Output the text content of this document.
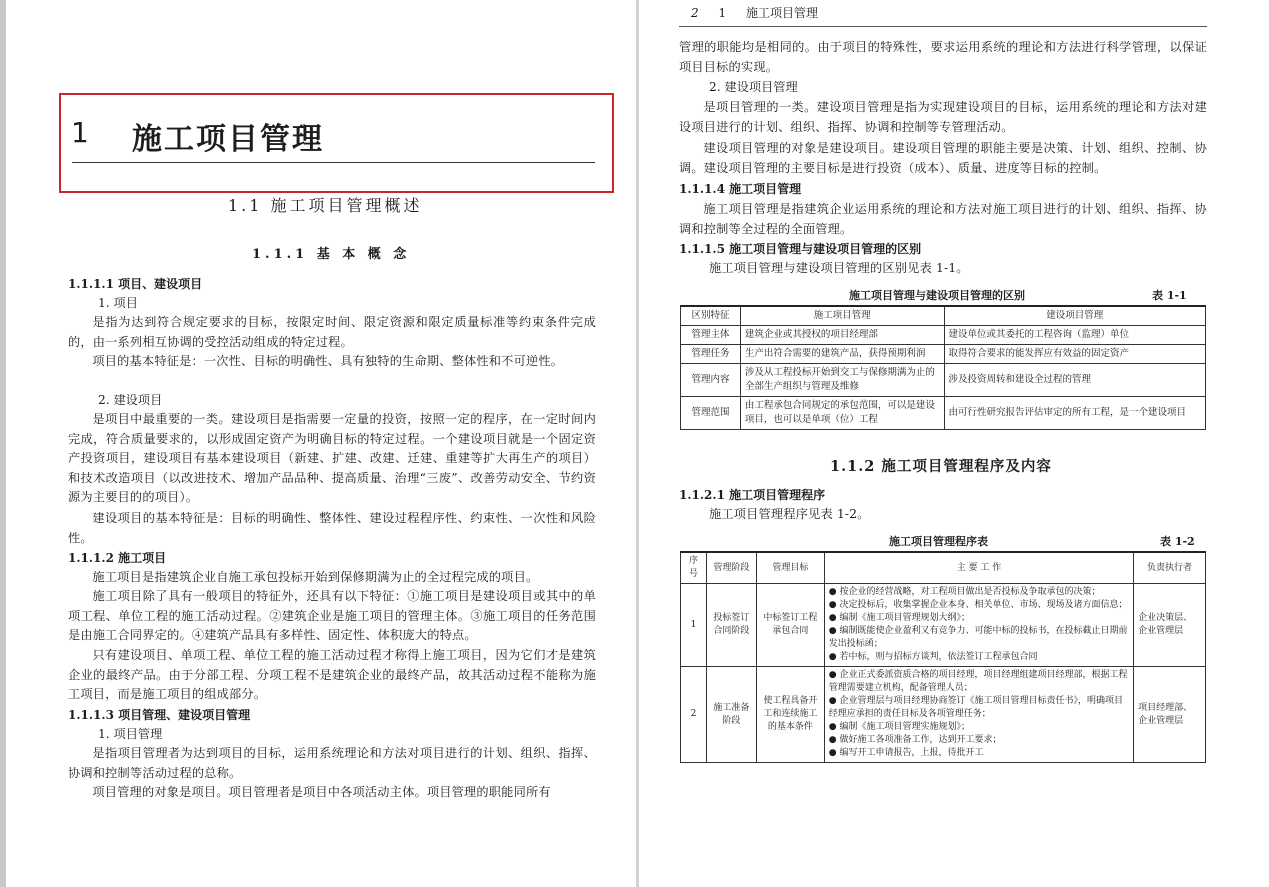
1 施工项目管理
1.1 施工项目管理概述
1.1.1 基 本 概 念
1.1.1.1 项目、建设项目
1. 项目

是指为达到符合规定要求的目标，按限定时间、限定资源和限定质量标准等约束条件完成的，由一系列相互协调的受控活动组成的特定过程。

项目的基本特征是：一次性、目标的明确性、具有独特的生命期、整体性和不可逆性。

2. 建设项目

是项目中最重要的一类。建设项目是指需要一定量的投资，按照一定的程序，在一定时间内完成，符合质量要求的，以形成固定资产为明确目标的特定过程。一个建设项目就是一个固定资产投资项目，建设项目有基本建设项目（新建、扩建、改建、迁建、重建等扩大再生产的项目）和技术改造项目（以改进技术、增加产品品种、提高质量、治理“三废”、改善劳动安全、节约资源为主要目的的项目）。

建设项目的基本特征是：目标的明确性、整体性、建设过程程序性、约束性、一次性和风险性。

1.1.1.2 施工项目

施工项目是指建筑企业自施工承包投标开始到保修期满为止的全过程完成的项目。

施工项目除了具有一般项目的特征外，还具有以下特征：①施工项目是建设项目或其中的单项工程、单位工程的施工活动过程。②建筑企业是施工项目的管理主体。③施工项目的任务范围是由施工合同界定的。④建筑产品具有多样性、固定性、体积庞大的特点。

只有建设项目、单项工程、单位工程的施工活动过程才称得上施工项目，因为它们才是建筑企业的最终产品。由于分部工程、分项工程不是建筑企业的最终产品，故其活动过程不能称为施工项目，而是施工项目的组成部分。

1.1.1.3 项目管理、建设项目管理
1. 项目管理

是指项目管理者为达到项目的目标，运用系统理论和方法对项目进行的计划、组织、指挥、协调和控制等活动过程的总称。

项目管理的对象是项目。项目管理者是项目中各项活动主体。项目管理的职能同所有

2 1 施工项目管理

管理的职能均是相同的。由于项目的特殊性，要求运用系统的理论和方法进行科学管理，以保证项目目标的实现。

2. 建设项目管理

是项目管理的一类。建设项目管理是指为实现建设项目的目标，运用系统的理论和方法对建设项目进行的计划、组织、指挥、协调和控制等专管理活动。

建设项目管理的对象是建设项目。建设项目管理的职能主要是决策、计划、组织、控制、协调。建设项目管理的主要目标是进行投资（成本）、质量、进度等目标的控制。

1.1.1.4 施工项目管理

施工项目管理是指建筑企业运用系统的理论和方法对施工项目进行的计划、组织、指挥、协调和控制等全过程的全面管理。

1.1.1.5 施工项目管理与建设项目管理的区别
施工项目管理与建设项目管理的区别见表 1-1。
施工项目管理与建设项目管理的区别	表 1-1
区别特征	施工项目管理	建设项目管理
管理主体	建筑企业或其授权的项目经理部	建设单位或其委托的工程咨询（监理）单位
管理任务	生产出符合需要的建筑产品，获得预期利润	取得符合要求的能发挥应有效益的固定资产
管理内容	涉及从工程投标开始到交工与保修期满为止的全部生产组织与管理及维修	涉及投资周转和建设全过程的管理
管理范围	由工程承包合同规定的承包范围，可以是建设项目，也可以是单项（位）工程	由可行性研究报告评估审定的所有工程，是一个建设项目
1.1.2 施工项目管理程序及内容
1.1.2.1 施工项目管理程序
施工项目管理程序见表 1-2。
施工项目管理程序表	表 1-2
序号	管理阶段	管理目标	主 要 工 作	负责执行者
1	投标签订合同阶段	中标签订工程承包合同	● 按企业的经营战略，对工程项目做出是否投标及争取承包的决策；
● 决定投标后，收集掌握企业本身、相关单位、市场、现场及诸方面信息；
● 编制《施工项目管理规划大纲》；
● 编制既能使企业盈利又有竞争力、可能中标的投标书，在投标截止日期前发出投标函；
● 若中标，则与招标方谈判，依法签订工程承包合同	企业决策层、企业管理层
2	施工准备阶段	使工程具备开工和连续施工的基本条件	● 企业正式委派资质合格的项目经理，项目经理组建项目经理部，根据工程管理需要建立机构，配备管理人员；
● 企业管理层与项目经理协商签订《施工项目管理目标责任书》，明确项目经理应承担的责任目标及各项管理任务；
● 编制《施工项目管理实施规划》；
● 做好施工各项准备工作，达到开工要求；
● 编写开工申请报告，上报，待批开工	项目经理部、企业管理层
